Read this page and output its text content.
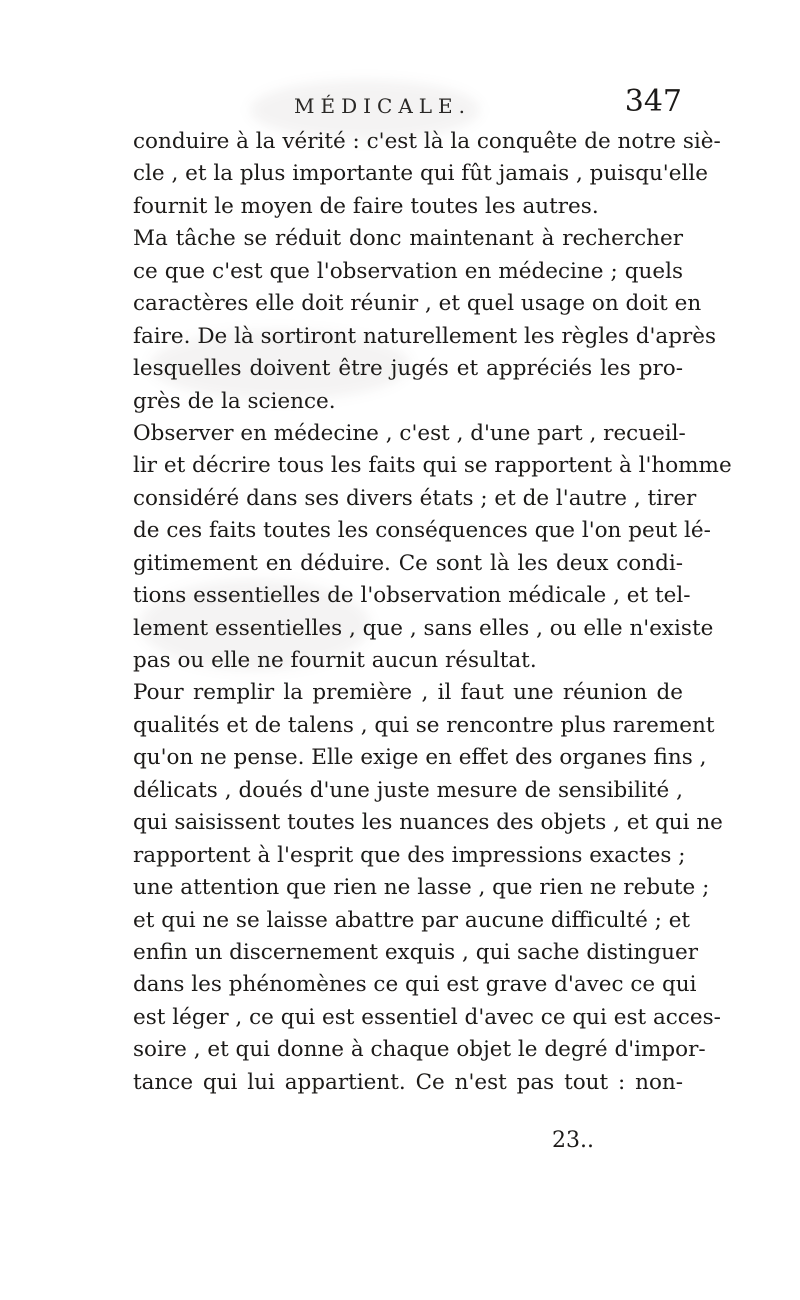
MÉDICALE.	347
conduire à la vérité : c'est là la conquête de notre siè-
cle , et la plus importante qui fût jamais , puisqu'elle
fournit le moyen de faire toutes les autres.
Ma tâche se réduit donc maintenant à rechercher
ce que c'est que l'observation en médecine ; quels
caractères elle doit réunir , et quel usage on doit en
faire. De là sortiront naturellement les règles d'après
lesquelles doivent être jugés et appréciés les pro-
grès de la science.
Observer en médecine , c'est , d'une part , recueil-
lir et décrire tous les faits qui se rapportent à l'homme
considéré dans ses divers états ; et de l'autre , tirer
de ces faits toutes les conséquences que l'on peut lé-
gitimement en déduire. Ce sont là les deux condi-
tions essentielles de l'observation médicale , et tel-
lement essentielles , que , sans elles , ou elle n'existe
pas ou elle ne fournit aucun résultat.
Pour remplir la première , il faut une réunion de
qualités et de talens , qui se rencontre plus rarement
qu'on ne pense. Elle exige en effet des organes fins ,
délicats , doués d'une juste mesure de sensibilité ,
qui saisissent toutes les nuances des objets , et qui ne
rapportent à l'esprit que des impressions exactes ;
une attention que rien ne lasse , que rien ne rebute ;
et qui ne se laisse abattre par aucune difficulté ; et
enfin un discernement exquis , qui sache distinguer
dans les phénomènes ce qui est grave d'avec ce qui
est léger , ce qui est essentiel d'avec ce qui est acces-
soire , et qui donne à chaque objet le degré d'impor-
tance qui lui appartient. Ce n'est pas tout : non-
23..
